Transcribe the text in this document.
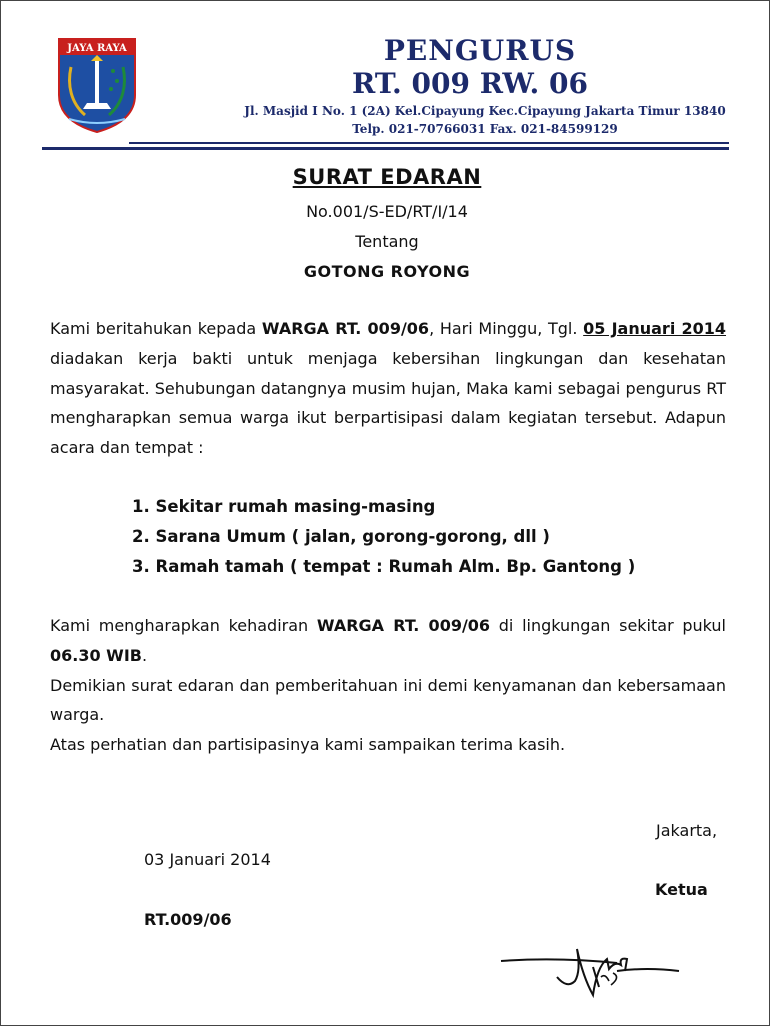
JAYA RAYA	PENGURUS
RT. 009 RW. 06
Jl. Masjid I No. 1 (2A) Kel.Cipayung Kec.Cipayung Jakarta Timur 13840
Telp. 021-70766031 Fax. 021-84599129
SURAT EDARAN
No.001/S-ED/RT/I/14
Tentang
GOTONG ROYONG
Kami beritahukan kepada WARGA RT. 009/06, Hari Minggu, Tgl. 05 Januari 2014 diadakan kerja bakti untuk menjaga kebersihan lingkungan dan kesehatan masyarakat. Sehubungan datangnya musim hujan, Maka kami sebagai pengurus RT mengharapkan semua warga ikut berpartisipasi dalam kegiatan tersebut. Adapun acara dan tempat :
1. Sekitar rumah masing-masing
2. Sarana Umum ( jalan, gorong-gorong, dll )
3. Ramah tamah ( tempat : Rumah Alm. Bp. Gantong )
Kami mengharapkan kehadiran WARGA RT. 009/06 di lingkungan sekitar pukul 06.30 WIB.
Demikian surat edaran dan pemberitahuan ini demi kenyamanan dan kebersamaan warga.
Atas perhatian dan partisipasinya kami sampaikan terima kasih.
Jakarta,
03 Januari 2014
Ketua
RT.009/06
